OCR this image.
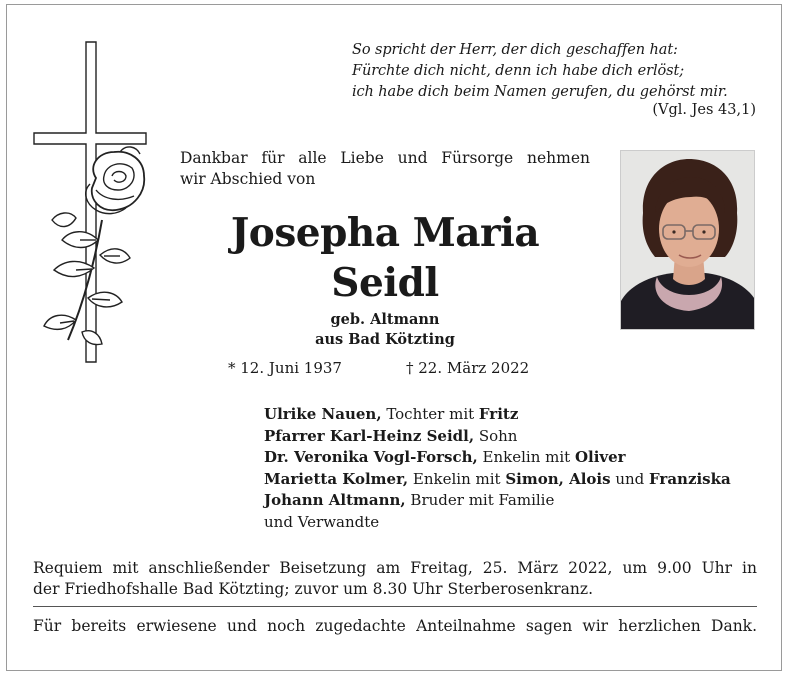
So spricht der Herr, der dich geschaffen hat:
Fürchte dich nicht, denn ich habe dich erlöst;
ich habe dich beim Namen gerufen, du gehörst mir.
(Vgl. Jes 43,1)
Dankbar für alle Liebe und Fürsorge nehmen
wir Abschied von
Josepha Maria
Seidl
geb. Altmann
aus Bad Kötzting
* 12. Juni 1937	† 22. März 2022
Ulrike Nauen, Tochter mit Fritz
Pfarrer Karl-Heinz Seidl, Sohn
Dr. Veronika Vogl-Forsch, Enkelin mit Oliver
Marietta Kolmer, Enkelin mit Simon, Alois und Franziska
Johann Altmann, Bruder mit Familie
und Verwandte
Requiem mit anschließender Beisetzung am Freitag, 25. März 2022, um 9.00 Uhr in
der Friedhofshalle Bad Kötzting; zuvor um 8.30 Uhr Sterberosenkranz.
Für bereits erwiesene und noch zugedachte Anteilnahme sagen wir herzlichen Dank.
